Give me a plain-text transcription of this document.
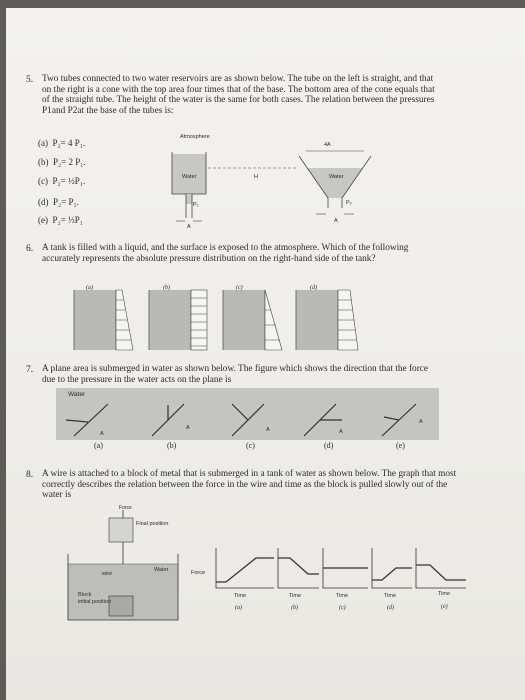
5. Two tubes connected to two water reservoirs are as shown below. The tube on the left is straight, and that on the right is a cone with the top area four times that of the base. The bottom area of the cone equals that of the straight tube. The height of the water is the same for both cases. The relation between the pressures P1and P2at the base of the tubes is:
(a) P₂= 4 P₁.
(b) P₂= 2 P₁.
(c) P₂= ½P₁.
(d) P₂= P₁.
(e) P₂= ⅓P₁
Atmosphere
Water	Water
H
4A
P₁	P₂
A
A
6. A tank is filled with a liquid, and the surface is exposed to the atmosphere. Which of the following accurately represents the absolute pressure distribution on the right-hand side of the tank?
(a)	(b)	(c)	(d)
7. A plane area is submerged in water as shown below. The figure which shows the direction that the force due to the pressure in the water acts on the plane is
Water
A
A	A	A
A
(a)	(b)	(c)	(d)	(e)
8. A wire is attached to a block of metal that is submerged in a tank of water as shown below. The graph that most correctly describes the relation between the force in the wire and time as the block is pulled slowly out of the water is
Force
Final position
wire
Water
Block
initial position
Force
Time	Time	Time	Time	Time
(a)	(b)	(c)	(d)	(e)
